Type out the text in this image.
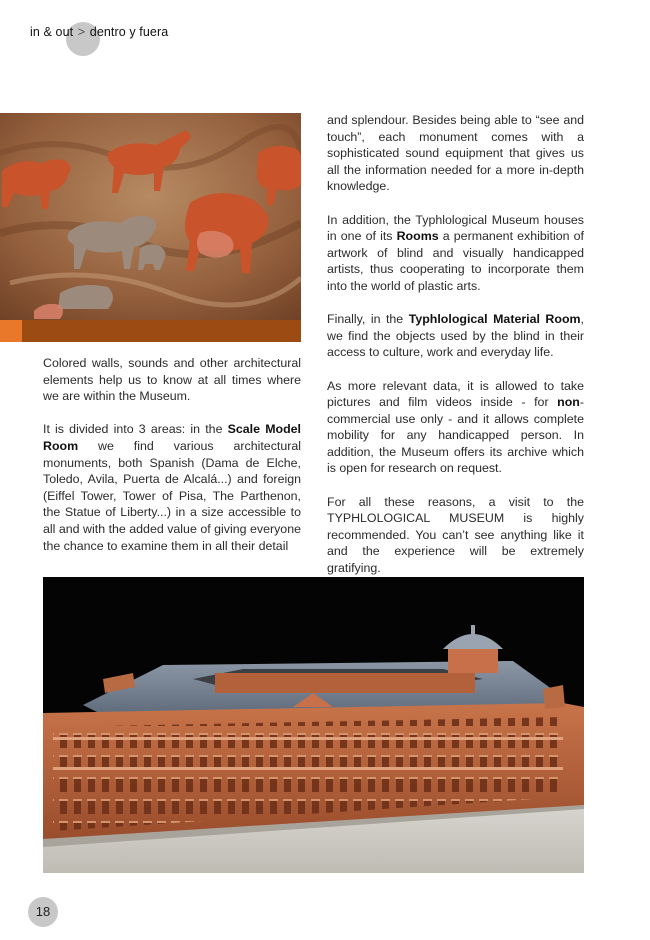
in & out > dentro y fuera

Colored walls, sounds and other architectural elements help us to know at all times where we are within the Museum.

It is divided into 3 areas: in the Scale Model Room we find various architectural monuments, both Spanish (Dama de Elche, Toledo, Avila, Puerta de Alcalá...) and foreign (Eiffel Tower, Tower of Pisa, The Parthenon, the Statue of Liberty...) in a size accessible to all and with the added value of giving everyone the chance to examine them in all their detail

and splendour. Besides being able to “see and touch”, each monument comes with a sophisticated sound equipment that gives us all the information needed for a more in-depth knowledge.

In addition, the Typhlological Museum houses in one of its Rooms a permanent exhibition of artwork of blind and visually handicapped artists, thus cooperating to incorporate them into the world of plastic arts.

Finally, in the Typhlological Material Room, we find the objects used by the blind in their access to culture, work and everyday life.

As more relevant data, it is allowed to take pictures and film videos inside - for non-commercial use only - and it allows complete mobility for any handicapped person. In addition, the Museum offers its archive which is open for research on request.

For all these reasons, a visit to the TYPHLOLOGICAL MUSEUM is highly recommended. You can’t see anything like it and the experience will be extremely gratifying.

18
